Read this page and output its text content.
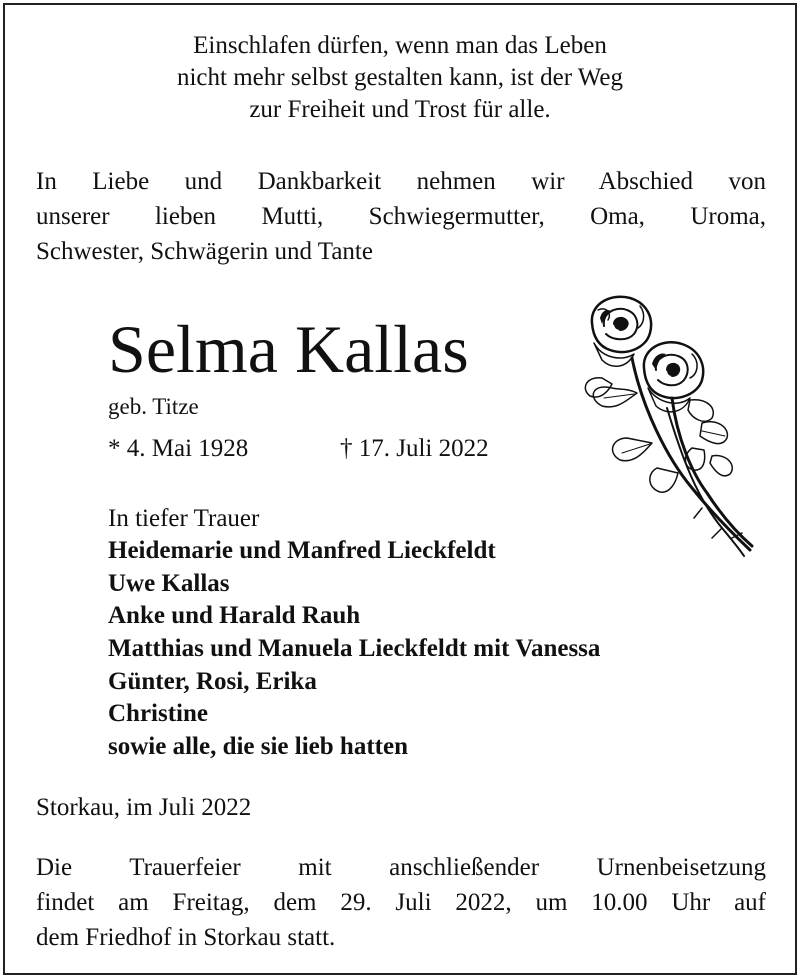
Einschlafen dürfen, wenn man das Leben
nicht mehr selbst gestalten kann, ist der Weg
zur Freiheit und Trost für alle.
In Liebe und Dankbarkeit nehmen wir Abschied von
unserer lieben Mutti, Schwiegermutter, Oma, Uroma,
Schwester, Schwägerin und Tante
Selma Kallas
geb. Titze
* 4. Mai 1928	† 17. Juli 2022
In tiefer Trauer
Heidemarie und Manfred Lieckfeldt
Uwe Kallas
Anke und Harald Rauh
Matthias und Manuela Lieckfeldt mit Vanessa
Günter, Rosi, Erika
Christine
sowie alle, die sie lieb hatten
Storkau, im Juli 2022
Die Trauerfeier mit anschließender Urnenbeisetzung
findet am Freitag, dem 29. Juli 2022, um 10.00 Uhr auf
dem Friedhof in Storkau statt.
